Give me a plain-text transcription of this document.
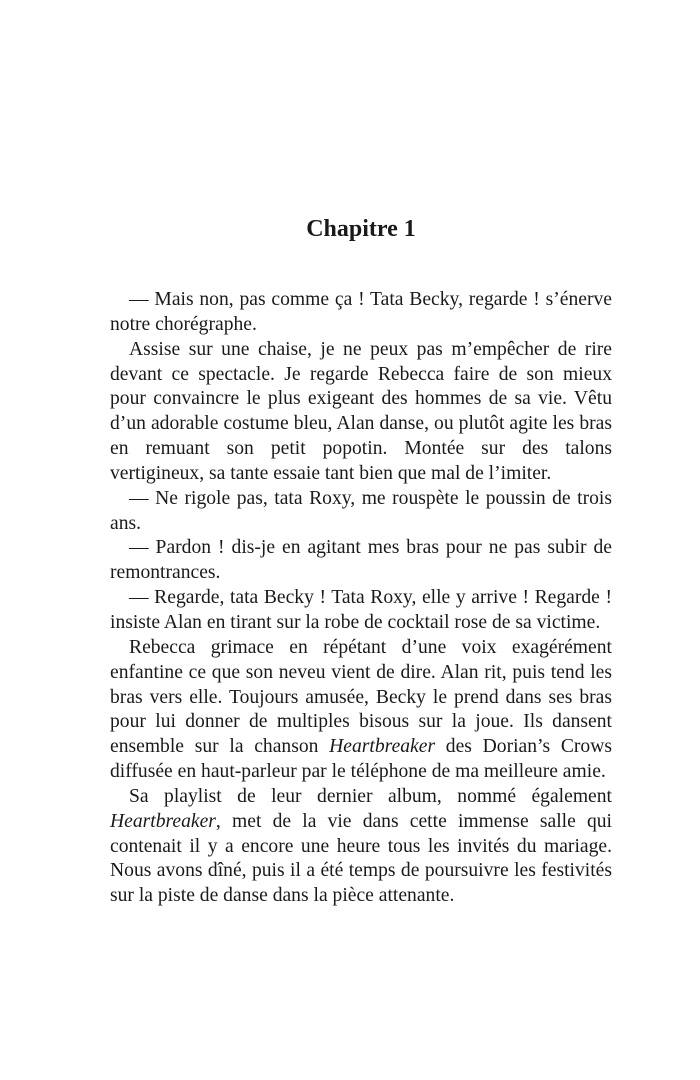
Chapitre 1

— Mais non, pas comme ça ! Tata Becky, regarde ! s’énerve notre chorégraphe.

Assise sur une chaise, je ne peux pas m’empêcher de rire devant ce spectacle. Je regarde Rebecca faire de son mieux pour convaincre le plus exigeant des hommes de sa vie. Vêtu d’un adorable costume bleu, Alan danse, ou plutôt agite les bras en remuant son petit popotin. Montée sur des talons vertigineux, sa tante essaie tant bien que mal de l’imiter.

— Ne rigole pas, tata Roxy, me rouspète le poussin de trois ans.

— Pardon ! dis-je en agitant mes bras pour ne pas subir de remontrances.

— Regarde, tata Becky ! Tata Roxy, elle y arrive ! Regarde ! insiste Alan en tirant sur la robe de cocktail rose de sa victime.

Rebecca grimace en répétant d’une voix exagérément enfantine ce que son neveu vient de dire. Alan rit, puis tend les bras vers elle. Toujours amusée, Becky le prend dans ses bras pour lui donner de multiples bisous sur la joue. Ils dansent ensemble sur la chanson Heartbreaker des Dorian’s Crows diffusée en haut-parleur par le téléphone de ma meilleure amie.

Sa playlist de leur dernier album, nommé également Heartbreaker, met de la vie dans cette immense salle qui contenait il y a encore une heure tous les invités du mariage. Nous avons dîné, puis il a été temps de poursuivre les festivités sur la piste de danse dans la pièce attenante.
